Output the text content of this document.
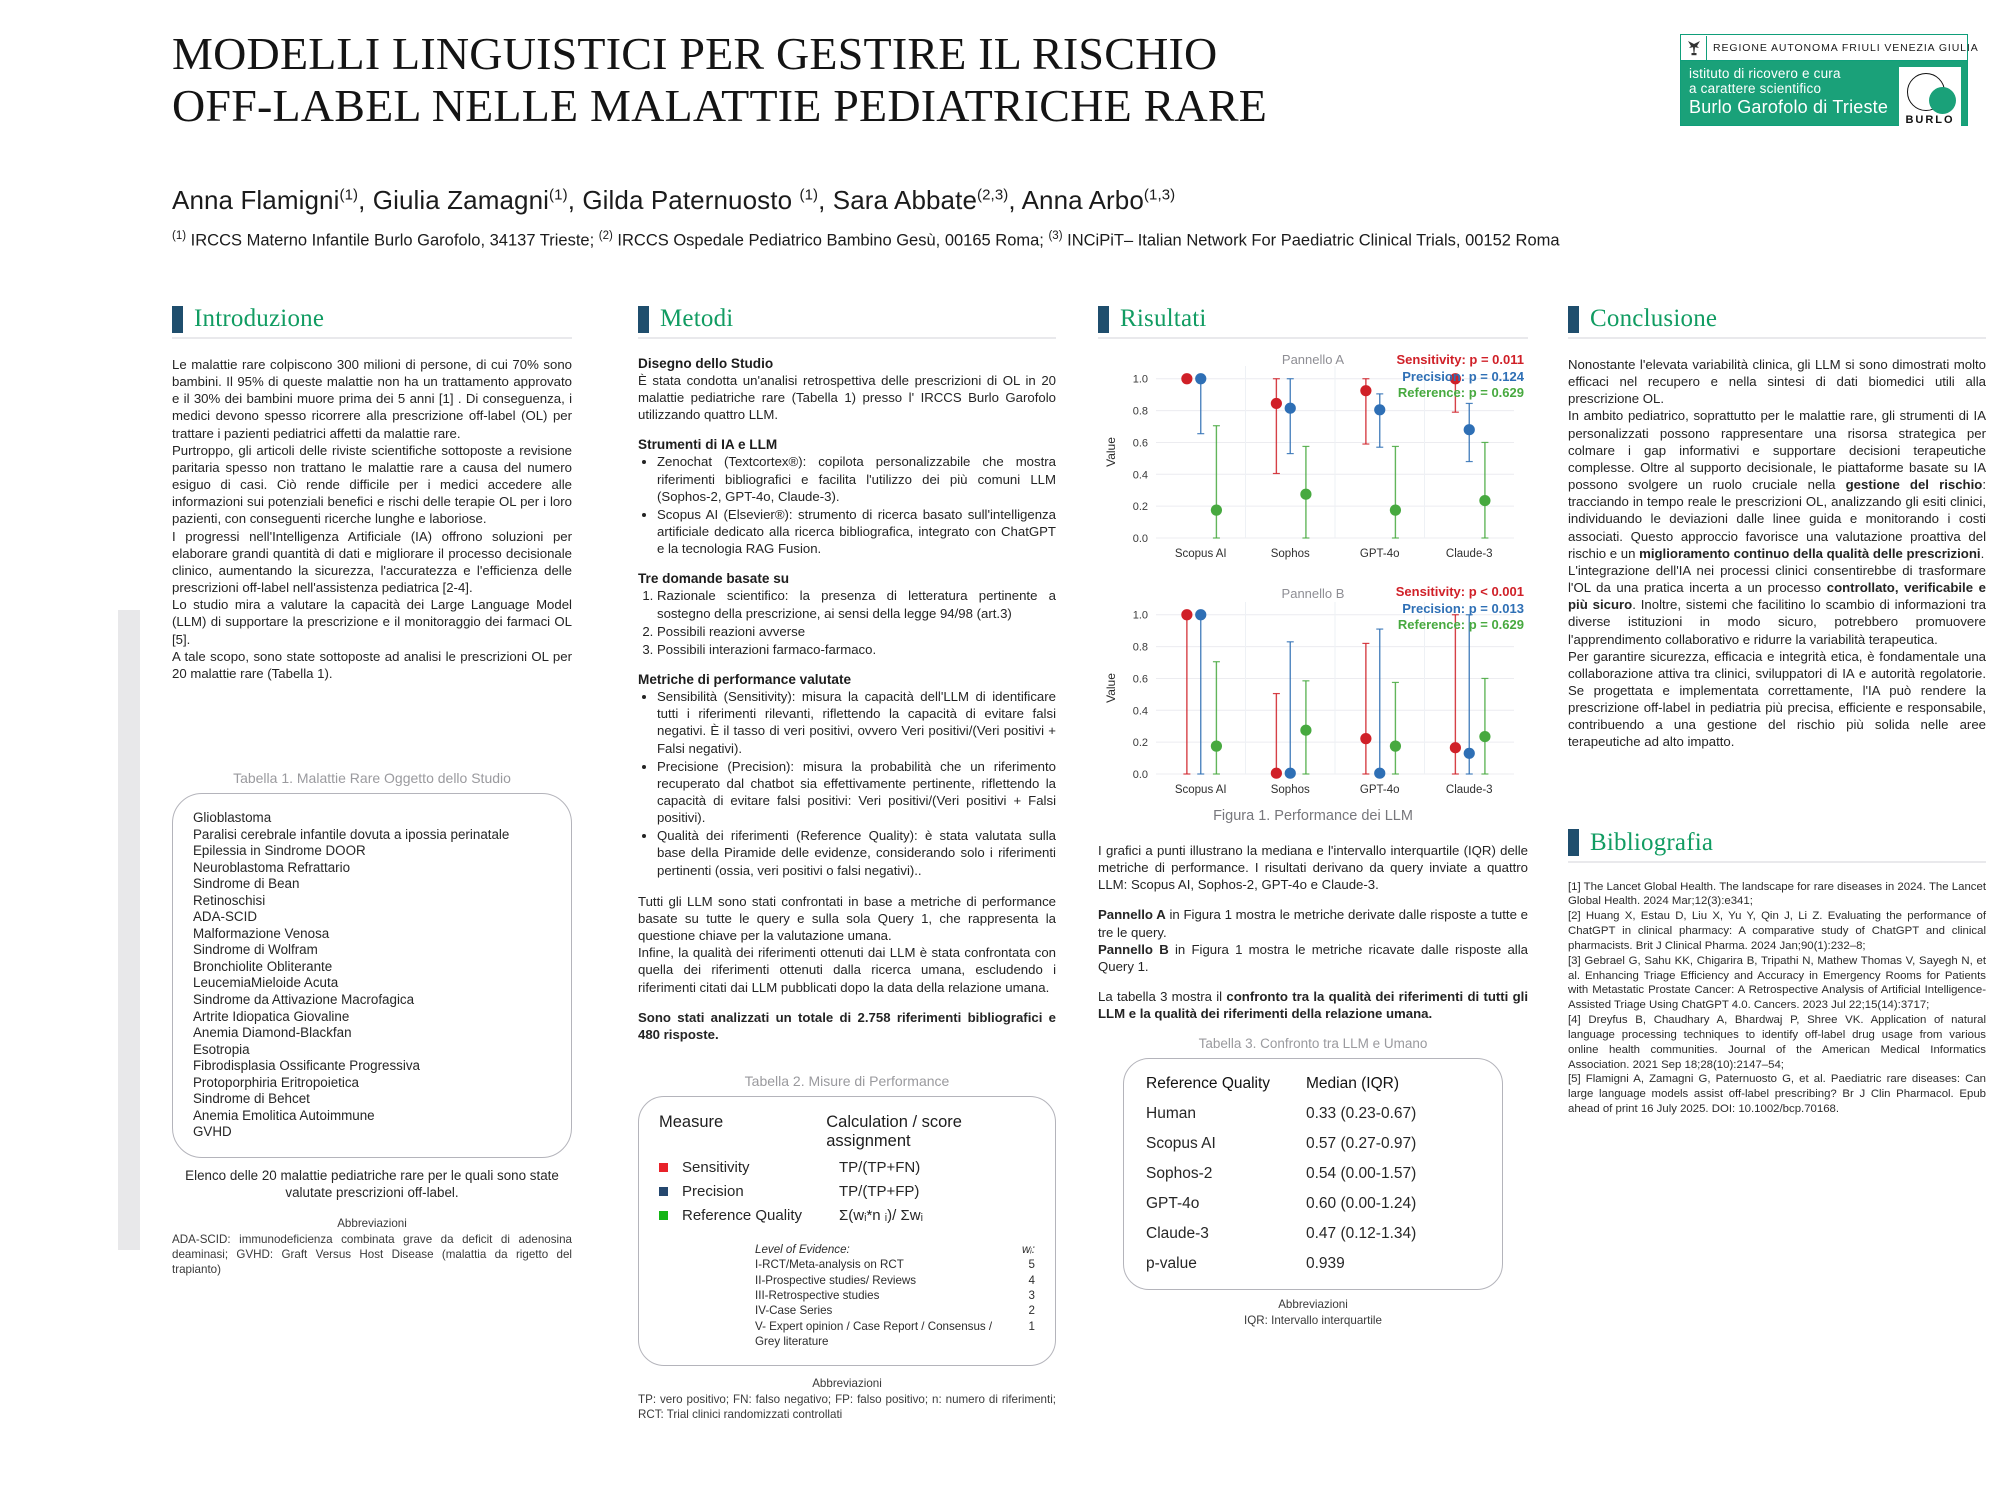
MODELLI LINGUISTICI PER GESTIRE IL RISCHIO
OFF-LABEL NELLE MALATTIE PEDIATRICHE RARE
REGIONE AUTONOMA FRIULI VENEZIA GIULIA
istituto di ricovero e cura
a carattere scientifico
Burlo Garofolo di Trieste
BURLO
Anna Flamigni$^{(1)}$, Giulia Zamagni$^{(1)}$, Gilda Paternuosto $^{(1)}$, Sara Abbate$^{(2,3)}$, Anna Arbo$^{(1,3)}$
$^{(1)}$ IRCCS Materno Infantile Burlo Garofolo, 34137 Trieste; $^{(2)}$ IRCCS Ospedale Pediatrico Bambino Gesù, 00165 Roma; $^{(3)}$ INCiPiT– Italian Network For Paediatric Clinical Trials, 00152 Roma
Introduzione

Le malattie rare colpiscono 300 milioni di persone, di cui 70% sono bambini. Il 95% di queste malattie non ha un trattamento approvato e il 30% dei bambini muore prima dei 5 anni [1] . Di conseguenza, i medici devono spesso ricorrere alla prescrizione off-label (OL) per trattare i pazienti pediatrici affetti da malattie rare.

Purtroppo, gli articoli delle riviste scientifiche sottoposte a revisione paritaria spesso non trattano le malattie rare a causa del numero esiguo di casi. Ciò rende difficile per i medici accedere alle informazioni sui potenziali benefici e rischi delle terapie OL per i loro pazienti, con conseguenti ricerche lunghe e laboriose.

I progressi nell'Intelligenza Artificiale (IA) offrono soluzioni per elaborare grandi quantità di dati e migliorare il processo decisionale clinico, aumentando la sicurezza, l'accuratezza e l'efficienza delle prescrizioni off-label nell'assistenza pediatrica [2-4].

Lo studio mira a valutare la capacità dei Large Language Model (LLM) di supportare la prescrizione e il monitoraggio dei farmaci OL [5].

A tale scopo, sono state sottoposte ad analisi le prescrizioni OL per 20 malattie rare (Tabella 1).

Tabella 1. Malattie Rare Oggetto dello Studio
Glioblastoma
Paralisi cerebrale infantile dovuta a ipossia perinatale
Epilessia in Sindrome DOOR
Neuroblastoma Refrattario
Sindrome di Bean
Retinoschisi
ADA-SCID
Malformazione Venosa
Sindrome di Wolfram
Bronchiolite Obliterante
LeucemiaMieloide Acuta
Sindrome da Attivazione Macrofagica
Artrite Idiopatica Giovaline
Anemia Diamond-Blackfan
Esotropia
Fibrodisplasia Ossificante Progressiva
Protoporphiria Eritropoietica
Sindrome di Behcet
Anemia Emolitica Autoimmune
GVHD
Elenco delle 20 malattie pediatriche rare per le quali sono state valutate prescrizioni off-label.
Abbreviazioni
ADA-SCID: immunodeficienza combinata grave da deficit di adenosina deaminasi; GVHD: Graft Versus Host Disease (malattia da rigetto del trapianto)
Metodi
Disegno dello Studio

È stata condotta un'analisi retrospettiva delle prescrizioni di OL in 20 malattie pediatriche rare (Tabella 1) presso l' IRCCS Burlo Garofolo utilizzando quattro LLM.

Strumenti di IA e LLM
• Zenochat (Textcortex®): copilota personalizzabile che mostra riferimenti bibliografici e facilita l'utilizzo dei più comuni LLM (Sophos-2, GPT-4o, Claude-3).
• Scopus AI (Elsevier®): strumento di ricerca basato sull'intelligenza artificiale dedicato alla ricerca bibliografica, integrato con ChatGPT e la tecnologia RAG Fusion.
Tre domande basate su
1. Razionale scientifico: la presenza di letteratura pertinente a sostegno della prescrizione, ai sensi della legge 94/98 (art.3)
2. Possibili reazioni avverse
3. Possibili interazioni farmaco-farmaco.
Metriche di performance valutate
• Sensibilità (Sensitivity): misura la capacità dell'LLM di identificare tutti i riferimenti rilevanti, riflettendo la capacità di evitare falsi negativi. È il tasso di veri positivi, ovvero Veri positivi/(Veri positivi + Falsi negativi).
• Precisione (Precision): misura la probabilità che un riferimento recuperato dal chatbot sia effettivamente pertinente, riflettendo la capacità di evitare falsi positivi: Veri positivi/(Veri positivi + Falsi positivi).
• Qualità dei riferimenti (Reference Quality): è stata valutata sulla base della Piramide delle evidenze, considerando solo i riferimenti pertinenti (ossia, veri positivi o falsi negativi)..

Tutti gli LLM sono stati confrontati in base a metriche di performance basate su tutte le query e sulla sola Query 1, che rappresenta la questione chiave per la valutazione umana.

Infine, la qualità dei riferimenti ottenuti dai LLM è stata confrontata con quella dei riferimenti ottenuti dalla ricerca umana, escludendo i riferimenti citati dai LLM pubblicati dopo la data della relazione umana.

Sono stati analizzati un totale di 2.758 riferimenti bibliografici e 480 risposte.

Tabella 2. Misure di Performance
Measure	Calculation / score assignment
Sensitivity	TP/(TP+FN)
Precision	TP/(TP+FP)
Reference Quality Σ(wᵢ*n ᵢ)/ Σwᵢ
Level of Evidence:	wᵢ:
I-RCT/Meta-analysis on RCT	5
II-Prospective studies/ Reviews	4
III-Retrospective studies	3
IV-Case Series	2
V- Expert opinion / Case Report / Consensus / Grey literature
1
Abbreviazioni
TP: vero positivo; FN: falso negativo; FP: falso positivo; n: numero di riferimenti; RCT: Trial clinici randomizzati controllati
Risultati
Pannello A	Sensitivity: p = 0.011
Precision: p = 0.124
Reference: p = 0.629
0.0
0.2
0.4
0.6
0.8
1.0
Scopus AI	Sophos	GPT-4o	Claude-3
Value
Pannello B	Sensitivity: p < 0.001
Precision: p = 0.013
Reference: p = 0.629
0.0
0.2
0.4
0.6
0.8
1.0
Scopus AI	Sophos	GPT-4o	Claude-3
Value
Figura 1. Performance dei LLM

I grafici a punti illustrano la mediana e l'intervallo interquartile (IQR) delle metriche di performance. I risultati derivano da query inviate a quattro LLM: Scopus AI, Sophos-2, GPT-4o e Claude-3.

Pannello A in Figura 1 mostra le metriche derivate dalle risposte a tutte e tre le query.

Pannello B in Figura 1 mostra le metriche ricavate dalle risposte alla Query 1.

La tabella 3 mostra il confronto tra la qualità dei riferimenti di tutti gli LLM e la qualità dei riferimenti della relazione umana.

Tabella 3. Confronto tra LLM e Umano
Reference Quality	Median (IQR)
Human	0.33 (0.23-0.67)
Scopus AI	0.57 (0.27-0.97)
Sophos-2	0.54 (0.00-1.57)
GPT-4o	0.60 (0.00-1.24)
Claude-3	0.47 (0.12-1.34)
p-value	0.939
Abbreviazioni
IQR: Intervallo interquartile
Conclusione

Nonostante l'elevata variabilità clinica, gli LLM si sono dimostrati molto efficaci nel recupero e nella sintesi di dati biomedici utili alla prescrizione OL.

In ambito pediatrico, soprattutto per le malattie rare, gli strumenti di IA personalizzati possono rappresentare una risorsa strategica per colmare i gap informativi e supportare decisioni terapeutiche complesse. Oltre al supporto decisionale, le piattaforme basate su IA possono svolgere un ruolo cruciale nella gestione del rischio: tracciando in tempo reale le prescrizioni OL, analizzando gli esiti clinici, individuando le deviazioni dalle linee guida e monitorando i costi associati. Questo approccio favorisce una valutazione proattiva del rischio e un miglioramento continuo della qualità delle prescrizioni.

L'integrazione dell'IA nei processi clinici consentirebbe di trasformare l'OL da una pratica incerta a un processo controllato, verificabile e più sicuro. Inoltre, sistemi che facilitino lo scambio di informazioni tra diverse istituzioni in modo sicuro, potrebbero promuovere l'apprendimento collaborativo e ridurre la variabilità terapeutica.

Per garantire sicurezza, efficacia e integrità etica, è fondamentale una collaborazione attiva tra clinici, sviluppatori di IA e autorità regolatorie. Se progettata e implementata correttamente, l'IA può rendere la prescrizione off-label in pediatria più precisa, efficiente e responsabile, contribuendo a una gestione del rischio più solida nelle aree terapeutiche ad alto impatto.

Bibliografia
[1] The Lancet Global Health. The landscape for rare diseases in 2024. The Lancet Global Health. 2024 Mar;12(3):e341;
[2] Huang X, Estau D, Liu X, Yu Y, Qin J, Li Z. Evaluating the performance of ChatGPT in clinical pharmacy: A comparative study of ChatGPT and clinical pharmacists. Brit J Clinical Pharma. 2024 Jan;90(1):232–8;
[3] Gebrael G, Sahu KK, Chigarira B, Tripathi N, Mathew Thomas V, Sayegh N, et al. Enhancing Triage Efficiency and Accuracy in Emergency Rooms for Patients with Metastatic Prostate Cancer: A Retrospective Analysis of Artificial Intelligence-Assisted Triage Using ChatGPT 4.0. Cancers. 2023 Jul 22;15(14):3717;
[4] Dreyfus B, Chaudhary A, Bhardwaj P, Shree VK. Application of natural language processing techniques to identify off-label drug usage from various online health communities. Journal of the American Medical Informatics Association. 2021 Sep 18;28(10):2147–54;
[5] Flamigni A, Zamagni G, Paternuosto G, et al. Paediatric rare diseases: Can large language models assist off-label prescribing? Br J Clin Pharmacol. Epub ahead of print 16 July 2025. DOI: 10.1002/bcp.70168.
